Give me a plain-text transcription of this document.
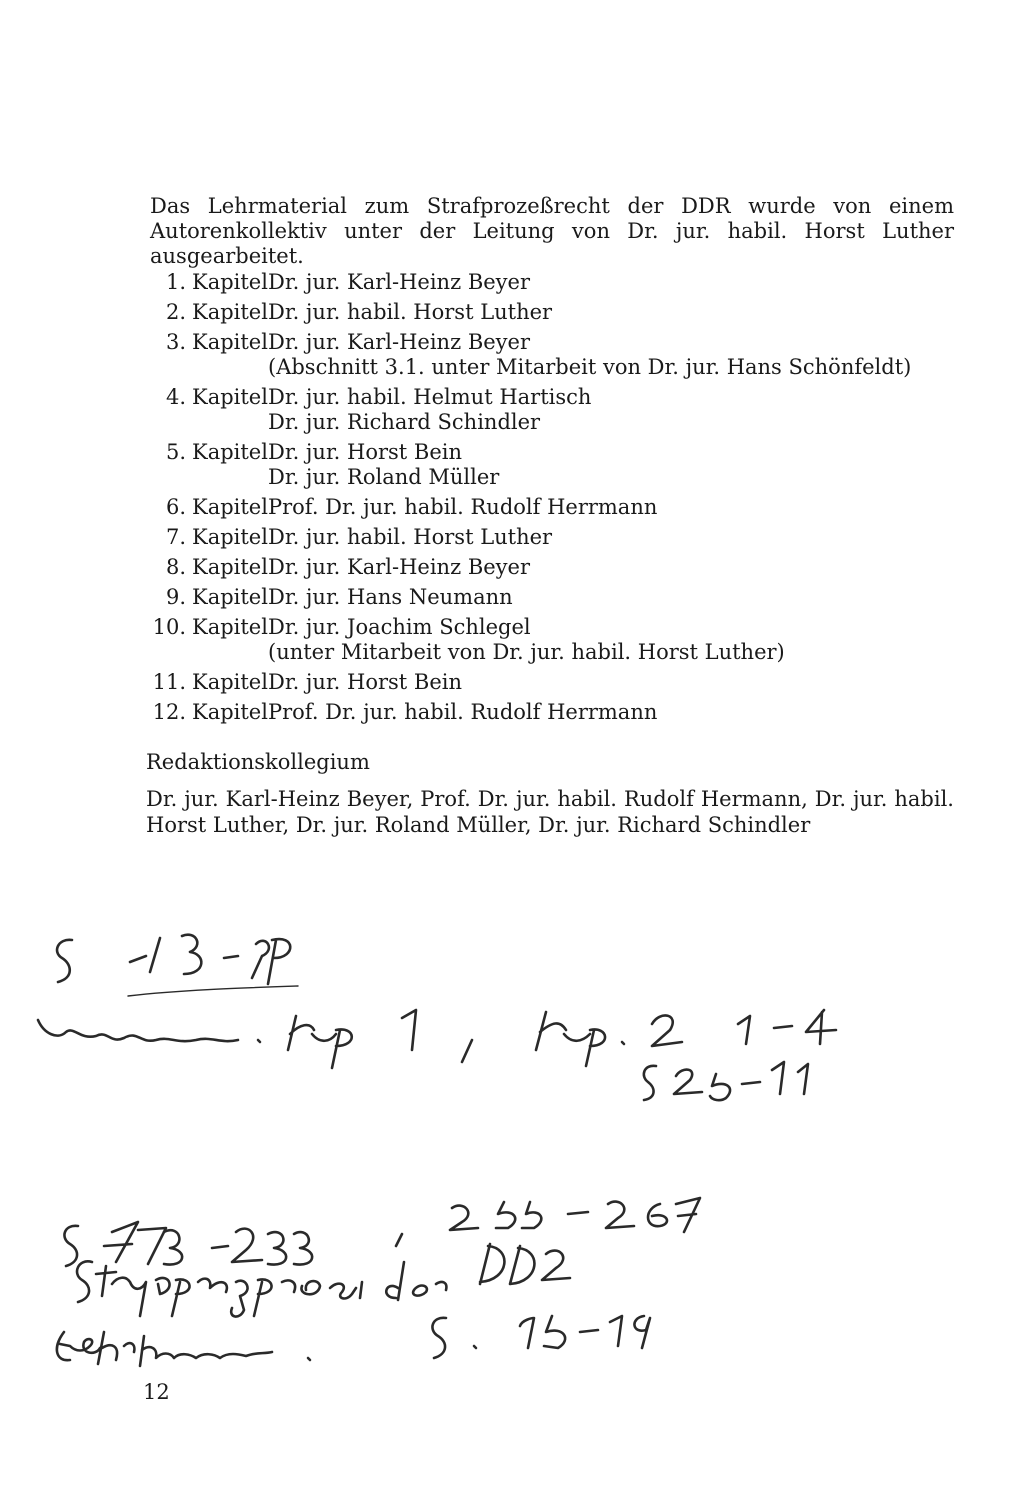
Das Lehrmaterial zum Strafprozeßrecht der DDR wurde von einem Autorenkollektiv unter der Leitung von Dr. jur. habil. Horst Luther ausgearbeitet.

1. Kapitel Dr. jur. Karl-Heinz Beyer
2. Kapitel Dr. jur. habil. Horst Luther
3. Kapitel Dr. jur. Karl-Heinz Beyer
(Abschnitt 3.1. unter Mitarbeit von Dr. jur. Hans Schönfeldt)
4. Kapitel Dr. jur. habil. Helmut Hartisch
Dr. jur. Richard Schindler
5. Kapitel Dr. jur. Horst Bein
Dr. jur. Roland Müller
6. Kapitel Prof. Dr. jur. habil. Rudolf Herrmann
7. Kapitel Dr. jur. habil. Horst Luther
8. Kapitel Dr. jur. Karl-Heinz Beyer
9. Kapitel Dr. jur. Hans Neumann
10. Kapitel Dr. jur. Joachim Schlegel
(unter Mitarbeit von Dr. jur. habil. Horst Luther)
11. Kapitel Dr. jur. Horst Bein
12. Kapitel Prof. Dr. jur. habil. Rudolf Herrmann
Redaktionskollegium

Dr. jur. Karl-Heinz Beyer, Prof. Dr. jur. habil. Rudolf Hermann, Dr. jur. habil. Horst Luther, Dr. jur. Roland Müller, Dr. jur. Richard Schindler

12
